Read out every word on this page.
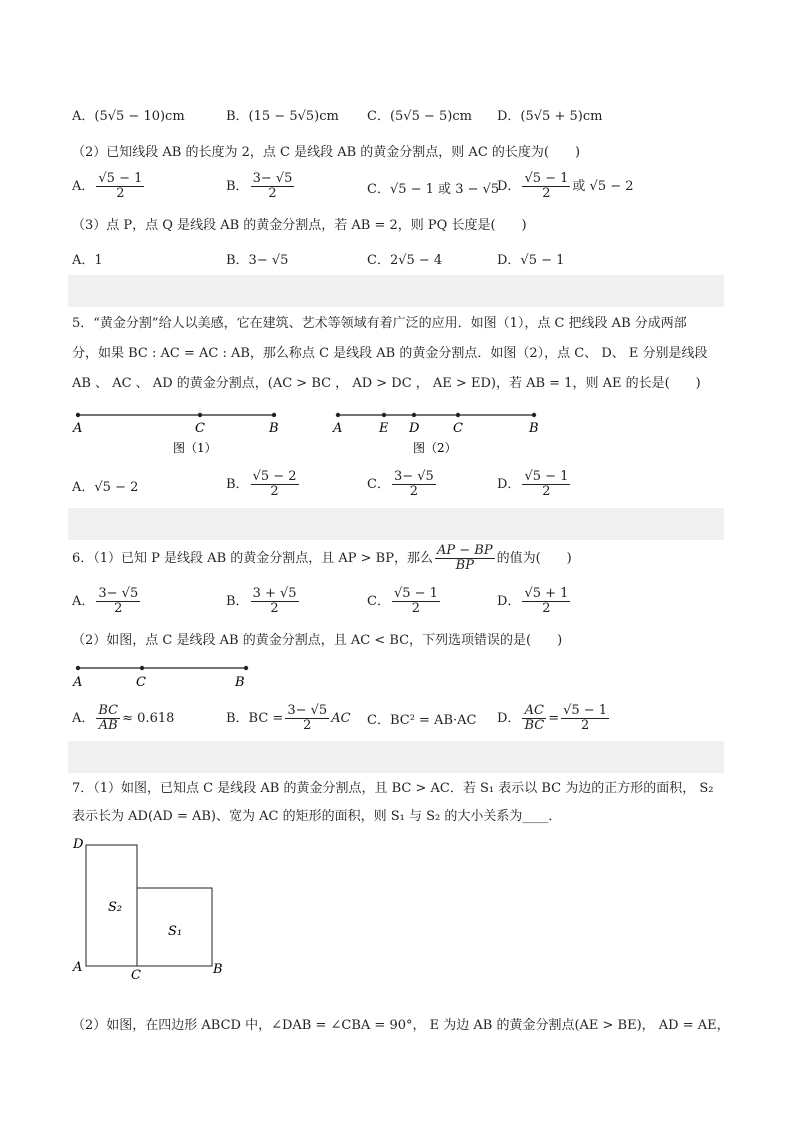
A．(5√5 − 10)cm	B．(15 − 5√5)cm C．(5√5 − 5)cm D．(5√5 + 5)cm
（2）已知线段 AB 的长度为 2，点 C 是线段 AB 的黄金分割点，则 AC 的长度为(　　)
A． $\frac{√5 - 1}{2}$	B． $\frac{3- √5}{2}$	C．√5 − 1 或 3 − √5
D． $\frac{√5 - 1}{2}$ 或 √5 − 2
（3）点 P，点 Q 是线段 AB 的黄金分割点，若 AB = 2，则 PQ 长度是(　　)
A．1	B．3− √5	C．2√5 − 4	D．√5 − 1
5．“黄金分割”给人以美感，它在建筑、艺术等领域有着广泛的应用．如图（1），点 C 把线段 AB 分成两部
分，如果 BC : AC = AC : AB，那么称点 C 是线段 AB 的黄金分割点．如图（2），点 C、 D、 E 分别是线段
AB 、 AC 、 AD 的黄金分割点，(AC > BC ， AD > DC ， AE > ED)，若 AB = 1，则 AE 的长是(　　)
A	C	B
图（1）
A	E D	C	B
图（2）
A．√5 − 2	B． $\frac{√5 - 2}{2}$	C． $\frac{3- √5}{2}$	D． $\frac{√5 - 1}{2}$
6．（1）已知 P 是线段 AB 的黄金分割点，且 AP > BP，那么 $\frac{AP - BP}{BP}$ 的值为(　　)
A． $\frac{3- √5}{2}$	B． $\frac{3 + √5}{2}$	C． $\frac{√5 - 1}{2}$	D． $\frac{√5 + 1}{2}$
（2）如图，点 C 是线段 AB 的黄金分割点，且 AC < BC，下列选项错误的是(　　)
A	C	B
A． $\frac{BC}{AB} \approx 0.618$	B．BC = $\frac{3- √5}{2}$ AC C．BC² = AB·AC D． $\frac{AC}{BC} = \frac{√5 - 1}{2}$
7．（1）如图，已知点 C 是线段 AB 的黄金分割点，且 BC > AC．若 S₁ 表示以 BC 为边的正方形的面积， S₂
表示长为 AD(AD = AB)、宽为 AC 的矩形的面积，则 S₁ 与 S₂ 的大小关系为____．
D
A
C	B
S₂
S₁
（2）如图，在四边形 ABCD 中，∠DAB = ∠CBA = 90°， E 为边 AB 的黄金分割点(AE > BE)， AD = AE，
